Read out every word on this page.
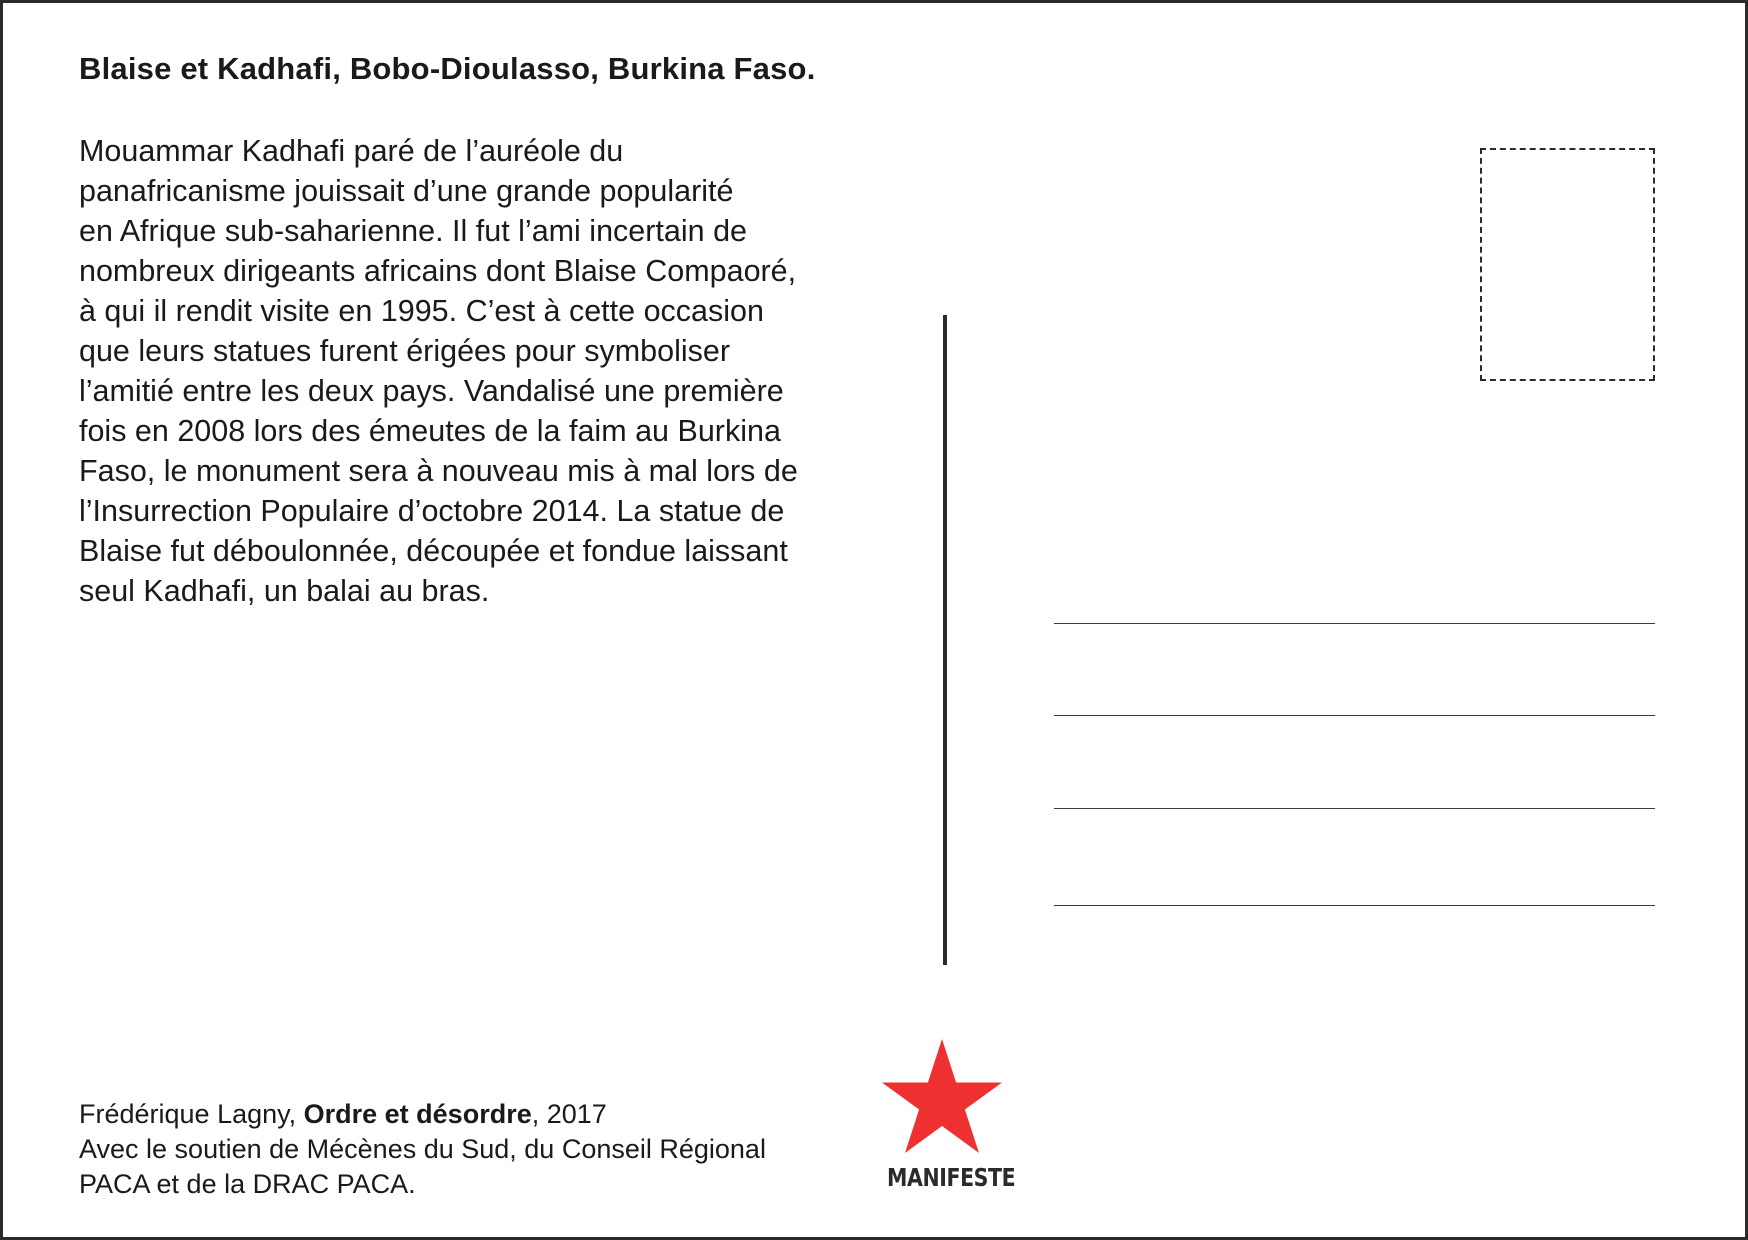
Blaise et Kadhafi, Bobo-Dioulasso, Burkina Faso.
Mouammar Kadhafi paré de l’auréole du
panafricanisme jouissait d’une grande popularité
en Afrique sub-saharienne. Il fut l’ami incertain de
nombreux dirigeants africains dont Blaise Compaoré,
à qui il rendit visite en 1995. C’est à cette occasion
que leurs statues furent érigées pour symboliser
l’amitié entre les deux pays. Vandalisé une première
fois en 2008 lors des émeutes de la faim au Burkina
Faso, le monument sera à nouveau mis à mal lors de
l’Insurrection Populaire d’octobre 2014. La statue de
Blaise fut déboulonnée, découpée et fondue laissant
seul Kadhafi, un balai au bras.
Frédérique Lagny, Ordre et désordre, 2017
Avec le soutien de Mécènes du Sud, du Conseil Régional
PACA et de la DRAC PACA.	MANIFESTE
